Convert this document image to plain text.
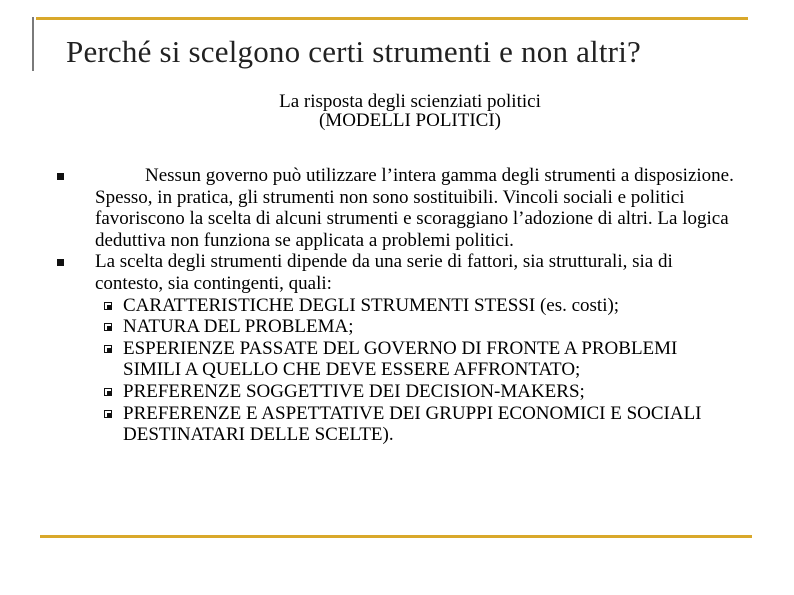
Perché si scelgono certi strumenti e non altri?
La risposta degli scienziati politici
(MODELLI POLITICI)

Nessun governo può utilizzare l’intera gamma degli strumenti a disposizione. Spesso, in pratica, gli strumenti non sono sostituibili. Vincoli sociali e politici favoriscono la scelta di alcuni strumenti e scoraggiano l’adozione di altri. La logica deduttiva non funziona se applicata a problemi politici.

La scelta degli strumenti dipende da una serie di fattori, sia strutturali, sia di contesto, sia contingenti, quali:

CARATTERISTICHE DEGLI STRUMENTI STESSI (es. costi);
NATURA DEL PROBLEMA;
ESPERIENZE PASSATE DEL GOVERNO DI FRONTE A PROBLEMI SIMILI A QUELLO CHE DEVE ESSERE AFFRONTATO;
PREFERENZE SOGGETTIVE DEI DECISION-MAKERS;
PREFERENZE E ASPETTATIVE DEI GRUPPI ECONOMICI E SOCIALI DESTINATARI DELLE SCELTE).
